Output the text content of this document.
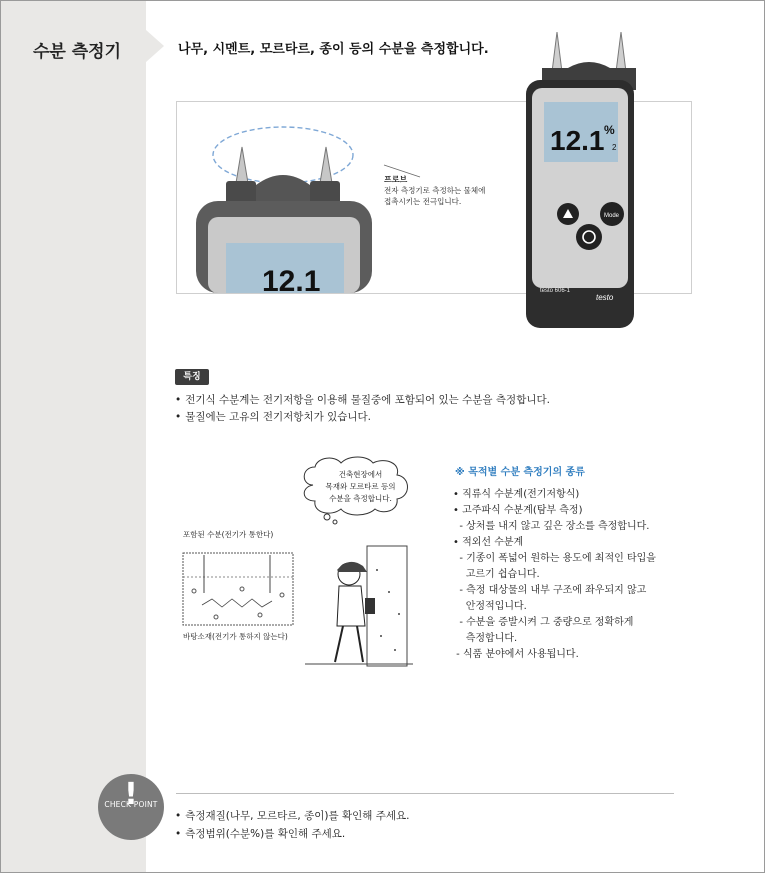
수분 측정기	나무, 시멘트, 모르타르, 종이 등의 수분을 측정합니다.
12.1
프로브
전자 측정기로 측정하는 물체에
접촉시키는 전극입니다.
12.1 %
2
Mode
testo 606-1
testo
특징
• 전기식 수분계는 전기저항을 이용해 물질중에 포함되어 있는 수분을 측정합니다.
• 물질에는 고유의 전기저항치가 있습니다.
건축현장에서
목재와 모르타르 등의
수분을 측정합니다.
포함된 수분(전기가 통한다)
바탕소재(전기가 통하지 않는다)
※ 목적별 수분 측정기의 종류
• 직류식 수분계(전기저항식)
• 고주파식 수분계(탐부 측정)
- 상처를 내지 않고 깊은 장소를 측정합니다.
• 적외선 수분계
- 기종이 폭넓어 원하는 용도에 최적인 타입을
고르기 쉽습니다.
- 측정 대상물의 내부 구조에 좌우되지 않고
안정적입니다.
- 수분을 증발시켜 그 중량으로 정확하게
측정합니다.
- 식품 분야에서 사용됩니다.
!
CHECK POINT
• 측정재질(나무, 모르타르, 종이)를 확인해 주세요.
• 측정범위(수분%)를 확인해 주세요.
